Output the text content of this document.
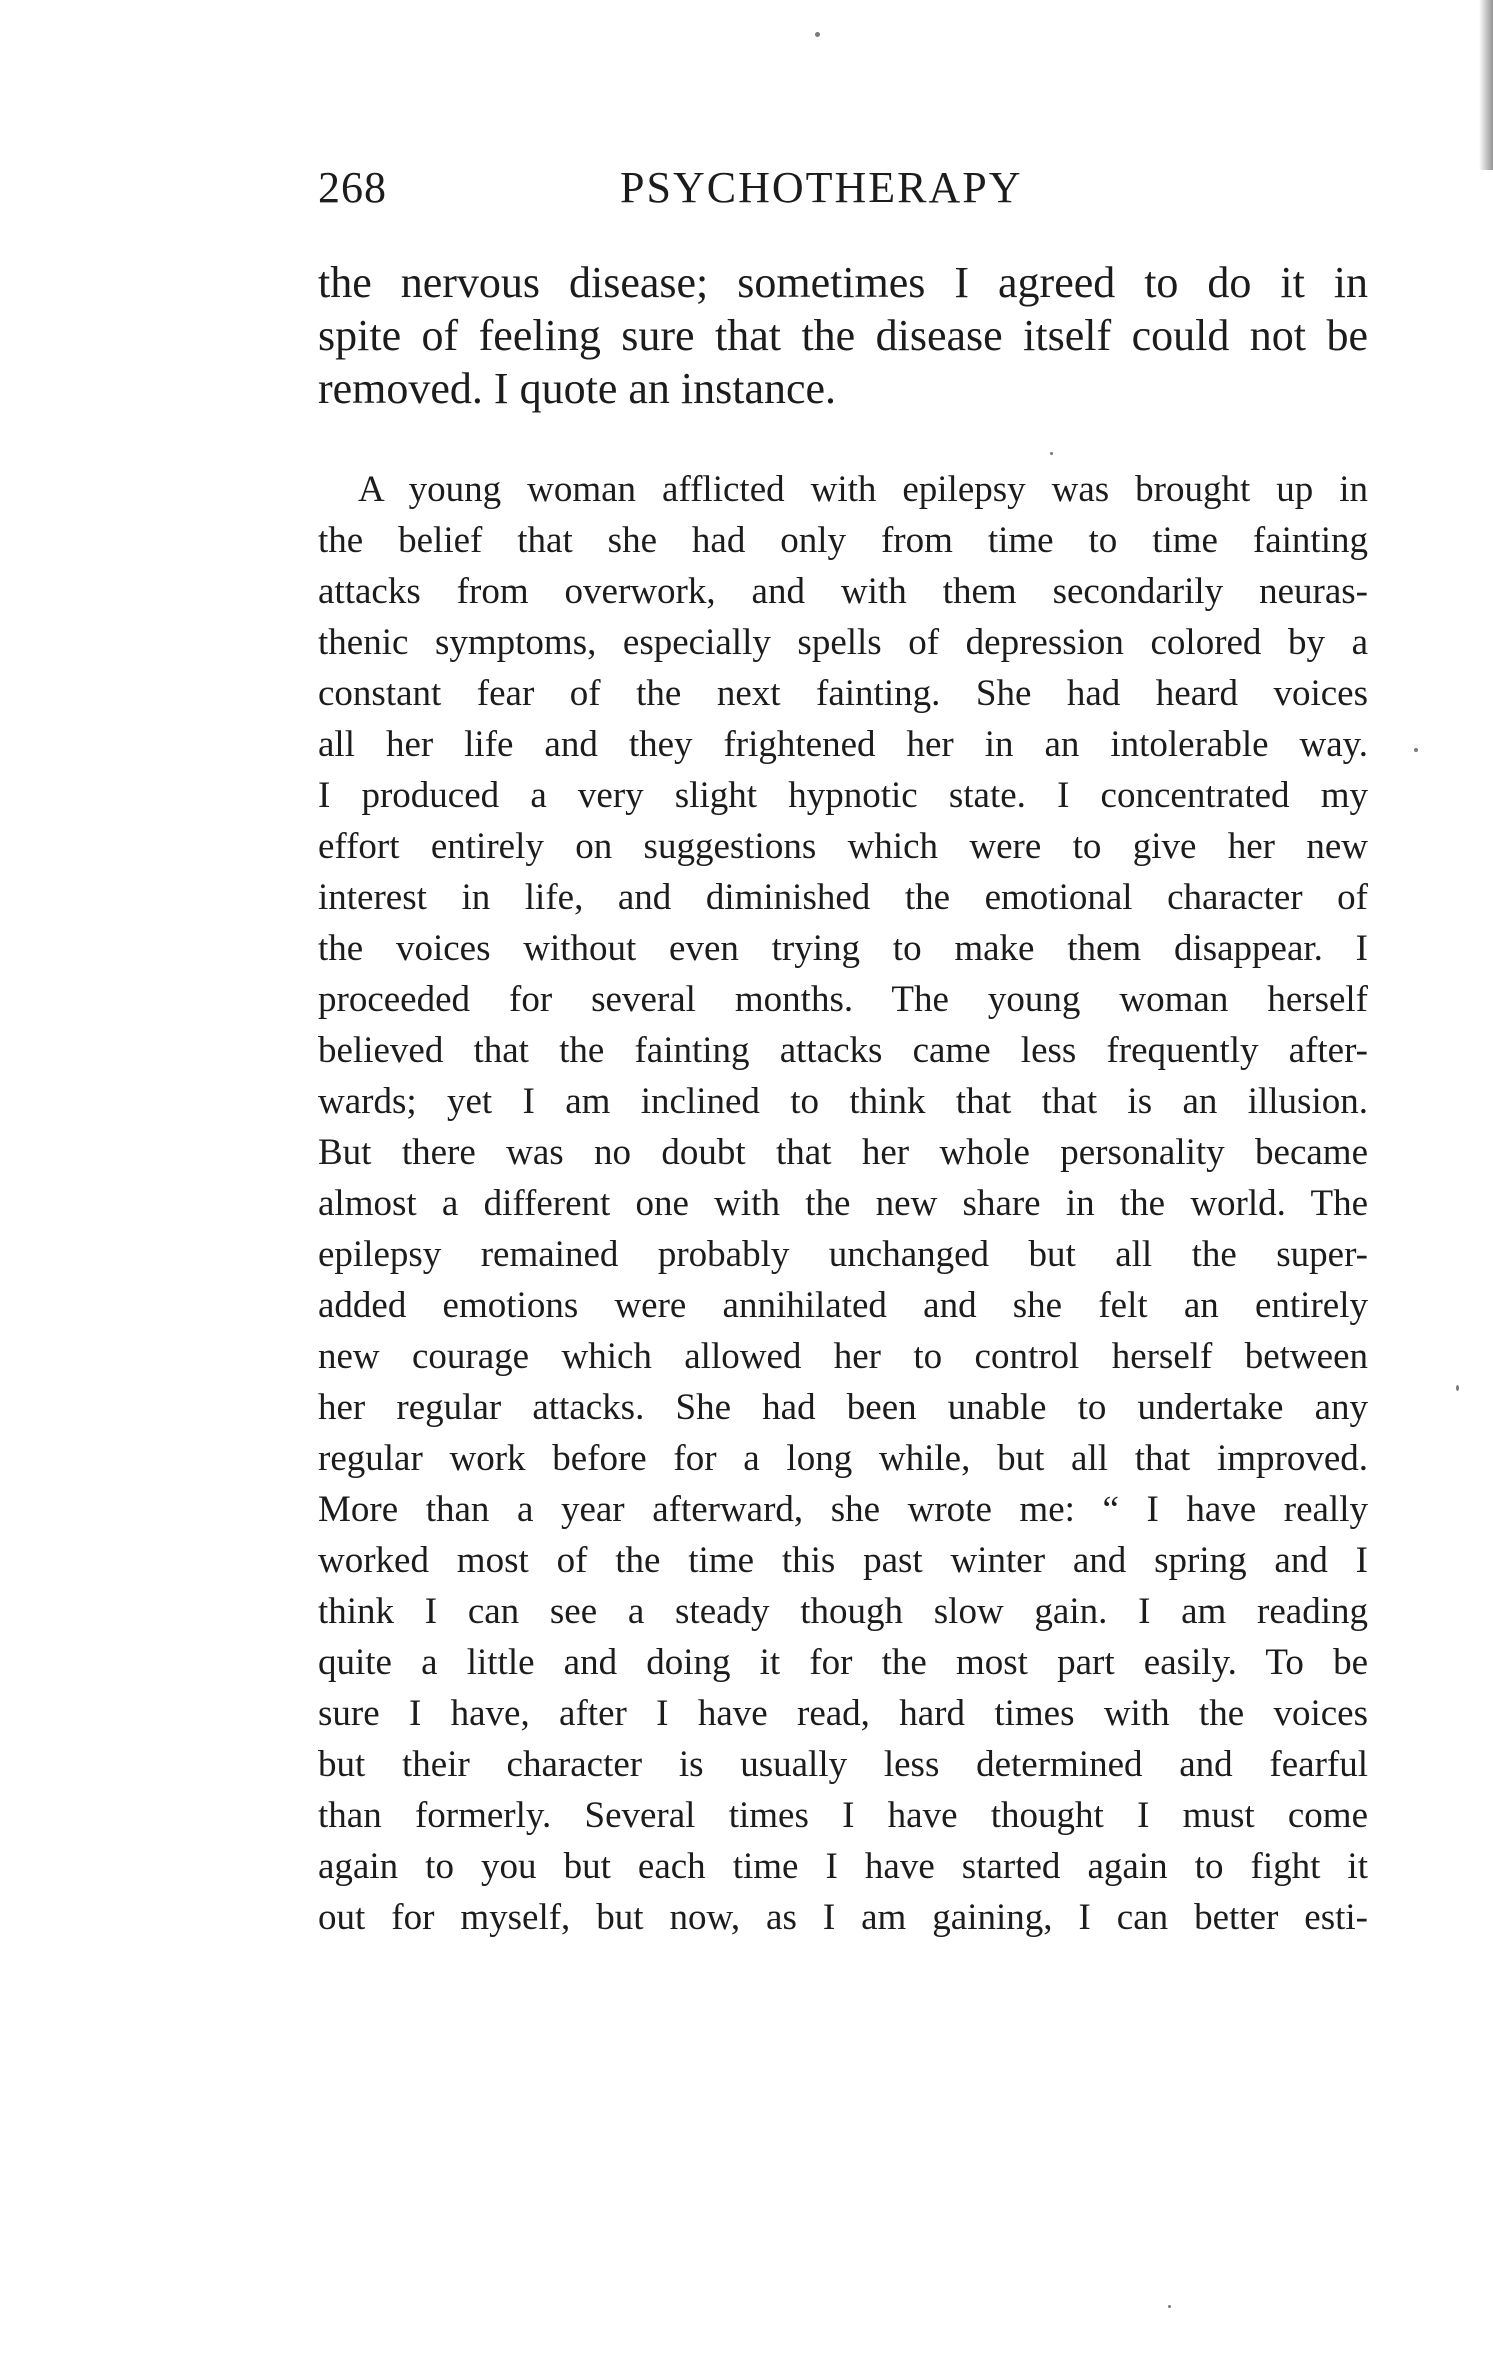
268	PSYCHOTHERAPY
the nervous disease; sometimes I agreed to do it in
spite of feeling sure that the disease itself could not be
removed. I quote an instance.
A young woman afflicted with epilepsy was brought up in
the belief that she had only from time to time fainting
attacks from overwork, and with them secondarily neuras-
thenic symptoms, especially spells of depression colored by a
constant fear of the next fainting. She had heard voices
all her life and they frightened her in an intolerable way.
I produced a very slight hypnotic state. I concentrated my
effort entirely on suggestions which were to give her new
interest in life, and diminished the emotional character of
the voices without even trying to make them disappear. I
proceeded for several months. The young woman herself
believed that the fainting attacks came less frequently after-
wards; yet I am inclined to think that that is an illusion.
But there was no doubt that her whole personality became
almost a different one with the new share in the world. The
epilepsy remained probably unchanged but all the super-
added emotions were annihilated and she felt an entirely
new courage which allowed her to control herself between
her regular attacks. She had been unable to undertake any
regular work before for a long while, but all that improved.
More than a year afterward, she wrote me: “ I have really
worked most of the time this past winter and spring and I
think I can see a steady though slow gain. I am reading
quite a little and doing it for the most part easily. To be
sure I have, after I have read, hard times with the voices
but their character is usually less determined and fearful
than formerly. Several times I have thought I must come
again to you but each time I have started again to fight it
out for myself, but now, as I am gaining, I can better esti-
